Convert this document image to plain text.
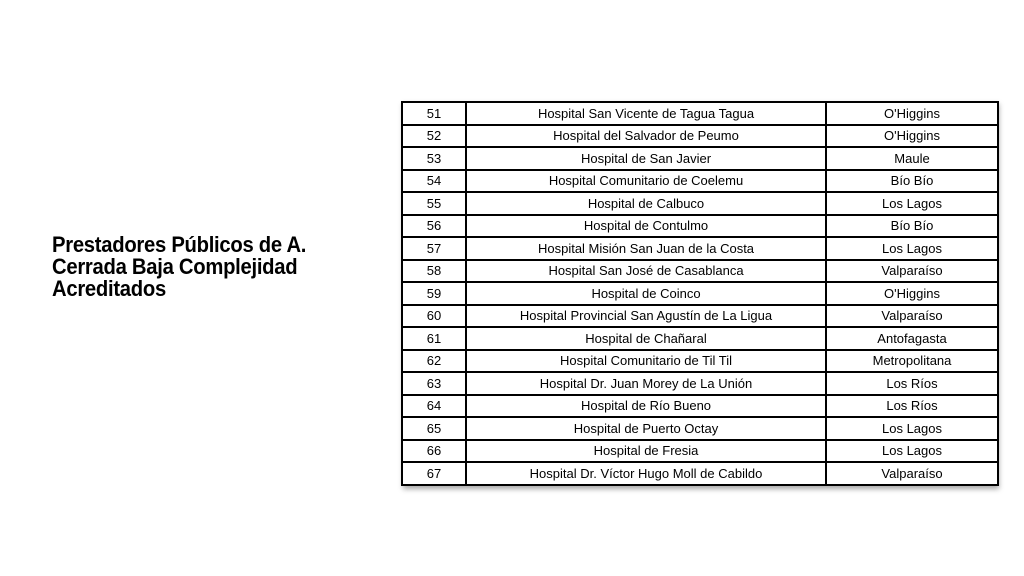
Prestadores Públicos de A.
Cerrada Baja Complejidad
Acreditados
51	Hospital San Vicente de Tagua Tagua	O'Higgins
52	Hospital del Salvador de Peumo	O'Higgins
53	Hospital de San Javier	Maule
54	Hospital Comunitario de Coelemu	Bío Bío
55	Hospital de Calbuco	Los Lagos
56	Hospital de Contulmo	Bío Bío
57	Hospital Misión San Juan de la Costa	Los Lagos
58	Hospital San José de Casablanca	Valparaíso
59	Hospital de Coinco	O'Higgins
60	Hospital Provincial San Agustín de La Ligua	Valparaíso
61	Hospital de Chañaral	Antofagasta
62	Hospital Comunitario de Til Til	Metropolitana
63	Hospital Dr. Juan Morey de La Unión	Los Ríos
64	Hospital de Río Bueno	Los Ríos
65	Hospital de Puerto Octay	Los Lagos
66	Hospital de Fresia	Los Lagos
67	Hospital Dr. Víctor Hugo Moll de Cabildo	Valparaíso
